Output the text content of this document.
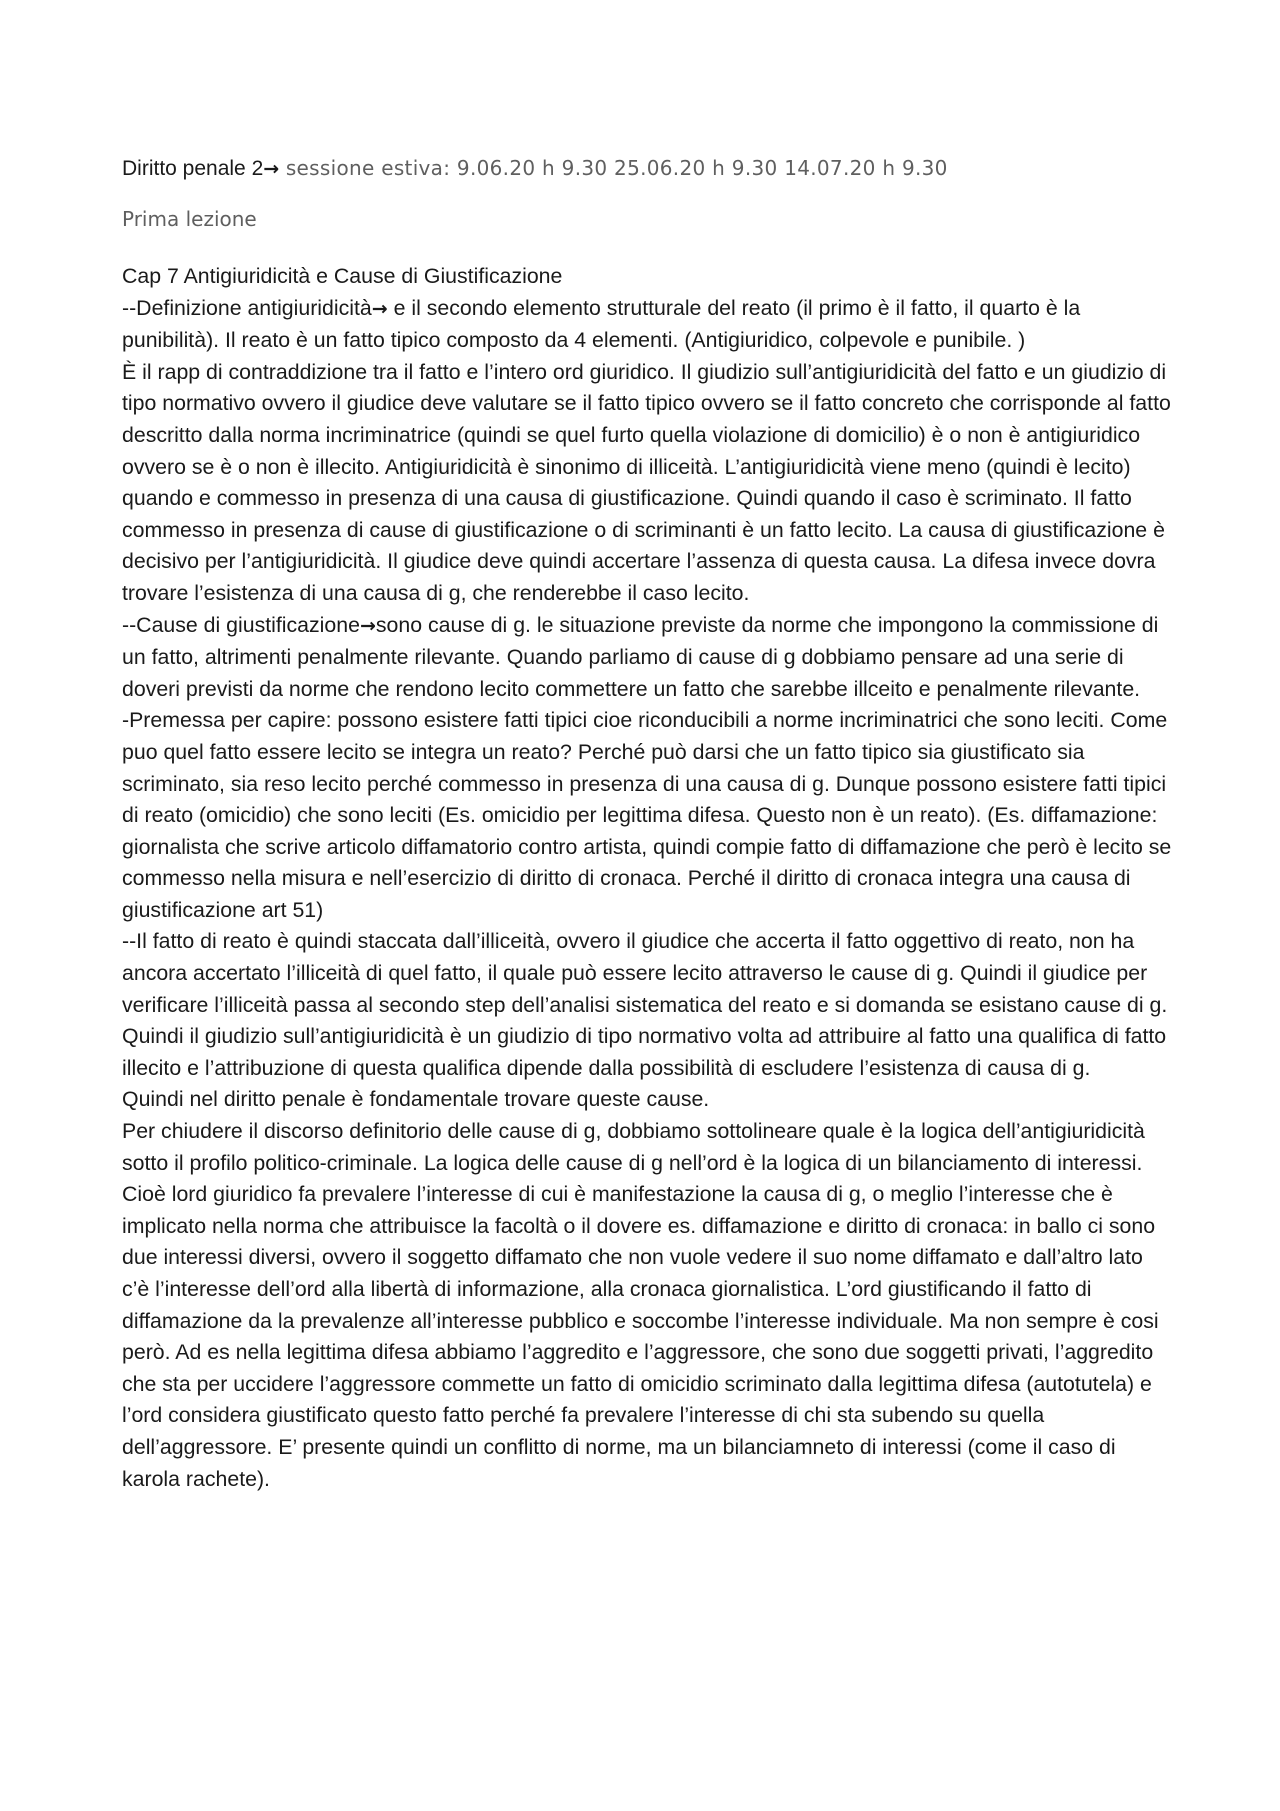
Diritto penale 2→ sessione estiva: 9.06.20 h 9.30 25.06.20 h 9.30 14.07.20 h 9.30
Prima lezione

Cap 7 Antigiuridicità e Cause di Giustificazione

--Definizione antigiuridicità→ e il secondo elemento strutturale del reato (il primo è il fatto, il quarto è la punibilità). Il reato è un fatto tipico composto da 4 elementi. (Antigiuridico, colpevole e punibile. )

È il rapp di contraddizione tra il fatto e l’intero ord giuridico. Il giudizio sull’antigiuridicità del fatto e un giudizio di tipo normativo ovvero il giudice deve valutare se il fatto tipico ovvero se il fatto concreto che corrisponde al fatto descritto dalla norma incriminatrice (quindi se quel furto quella violazione di domicilio) è o non è antigiuridico ovvero se è o non è illecito. Antigiuridicità è sinonimo di illiceità. L’antigiuridicità viene meno (quindi è lecito) quando e commesso in presenza di una causa di giustificazione. Quindi quando il caso è scriminato. Il fatto commesso in presenza di cause di giustificazione o di scriminanti è un fatto lecito. La causa di giustificazione è decisivo per l’antigiuridicità. Il giudice deve quindi accertare l’assenza di questa causa. La difesa invece dovra trovare l’esistenza di una causa di g, che renderebbe il caso lecito.

--Cause di giustificazione→sono cause di g. le situazione previste da norme che impongono la commissione di un fatto, altrimenti penalmente rilevante. Quando parliamo di cause di g dobbiamo pensare ad una serie di doveri previsti da norme che rendono lecito commettere un fatto che sarebbe illceito e penalmente rilevante.

-Premessa per capire: possono esistere fatti tipici cioe riconducibili a norme incriminatrici che sono leciti. Come puo quel fatto essere lecito se integra un reato? Perché può darsi che un fatto tipico sia giustificato sia scriminato, sia reso lecito perché commesso in presenza di una causa di g. Dunque possono esistere fatti tipici di reato (omicidio) che sono leciti (Es. omicidio per legittima difesa. Questo non è un reato). (Es. diffamazione: giornalista che scrive articolo diffamatorio contro artista, quindi compie fatto di diffamazione che però è lecito se commesso nella misura e nell’esercizio di diritto di cronaca. Perché il diritto di cronaca integra una causa di giustificazione art 51)

--Il fatto di reato è quindi staccata dall’illiceità, ovvero il giudice che accerta il fatto oggettivo di reato, non ha ancora accertato l’illiceità di quel fatto, il quale può essere lecito attraverso le cause di g. Quindi il giudice per verificare l’illiceità passa al secondo step dell’analisi sistematica del reato e si domanda se esistano cause di g. Quindi il giudizio sull’antigiuridicità è un giudizio di tipo normativo volta ad attribuire al fatto una qualifica di fatto illecito e l’attribuzione di questa qualifica dipende dalla possibilità di escludere l’esistenza di causa di g.

Quindi nel diritto penale è fondamentale trovare queste cause.

Per chiudere il discorso definitorio delle cause di g, dobbiamo sottolineare quale è la logica dell’antigiuridicità sotto il profilo politico-criminale. La logica delle cause di g nell’ord è la logica di un bilanciamento di interessi. Cioè lord giuridico fa prevalere l’interesse di cui è manifestazione la causa di g, o meglio l’interesse che è implicato nella norma che attribuisce la facoltà o il dovere es. diffamazione e diritto di cronaca: in ballo ci sono due interessi diversi, ovvero il soggetto diffamato che non vuole vedere il suo nome diffamato e dall’altro lato c’è l’interesse dell’ord alla libertà di informazione, alla cronaca giornalistica. L’ord giustificando il fatto di diffamazione da la prevalenze all’interesse pubblico e soccombe l’interesse individuale. Ma non sempre è cosi però. Ad es nella legittima difesa abbiamo l’aggredito e l’aggressore, che sono due soggetti privati, l’aggredito che sta per uccidere l’aggressore commette un fatto di omicidio scriminato dalla legittima difesa (autotutela) e l’ord considera giustificato questo fatto perché fa prevalere l’interesse di chi sta subendo su quella dell’aggressore. E’ presente quindi un conflitto di norme, ma un bilanciamneto di interessi (come il caso di karola rachete).
